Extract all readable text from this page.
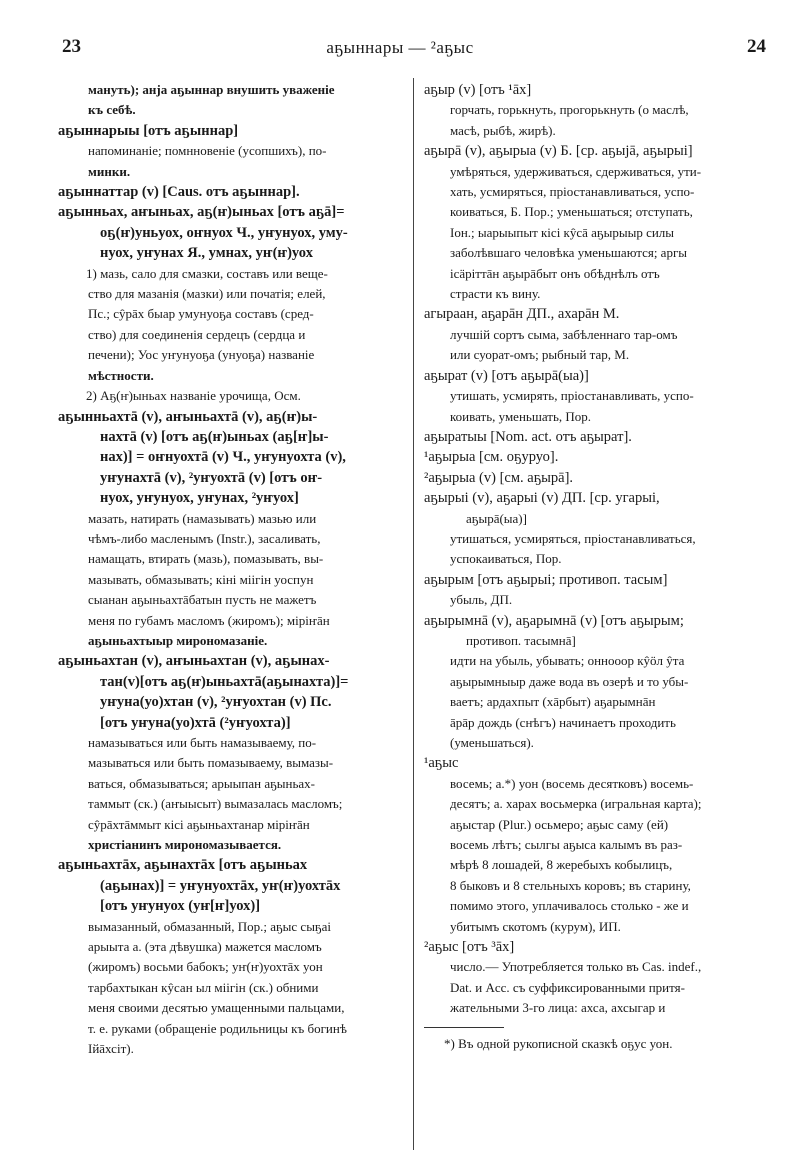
23	аҕыннары — ²аҕыс	24
мануть); анја аҕыннар внушить уваженіе
къ себѣ.
аҕыннарыы [отъ аҕыннар]
напоминаніе; помнновеніе (усопшихъ), по-
минки.
аҕыннаттар (v) [Caus. отъ аҕыннар].
аҕынньах, аҥыньах, аҕ(ҥ)ыньах [отъ аҕā]=
оҕ(ҥ)уньуох, оҥнуох Ч., уҥунуох, уму-
нуох, уҥунах Я., умнах, уҥ(ҥ)уох
1) мазь, сало для смазки, составъ или веще-
ство для мазанія (мазки) или початія; елей,
Пс.; сŷрāх быар умунуоҕа составъ (сред-
ство) для соединенія сердецъ (сердца и
печени); Уос уҥунуоҕа (унуоҕа) названіе
мѣстности.
2) Аҕ(ҥ)ыньах названіе урочища, Осм.
аҕынньахтā (v), аҥыньахтā (v), аҕ(ҥ)ы-
нахтā (v) [отъ аҕ(ҥ)ыньах (аҕ[ҥ]ы-
нах)] = оҥнуохтā (v) Ч., уҥунуохта (v),
уҥунахтā (v), ²уҥуохтā (v) [отъ оҥ-
нуох, уҥунуох, уҥунах, ²уҥуох]
мазать, натирать (намазывать) мазью или
чѣмъ-либо масленымъ (Instr.), засаливать,
намащать, втирать (мазь), помазывать, вы-
мазывать, обмазывать; кіні міігін уоспун
сыанан аҕыньахтāбатын пусть не мажетъ
меня по губамъ масломъ (жиромъ); міріҥāн
аҕыньахтыыр мирономазаніе.
аҕыньахтан (v), аҥыньахтан (v), аҕынах-
тан(v)[отъ аҕ(ҥ)ыньахтā(аҕынахта)]=
уҥуна(уо)хтан (v), ²уҥуохтан (v) Пс.
[отъ уҥуна(уо)хтā (²уҥуохта)]
намазываться или быть намазываему, по-
мазываться или быть помазываему, вымазы-
ваться, обмазываться; арыыпан аҕыньах-
таммыт (ск.) (аҥыысыт) вымазалась масломъ;
сŷрāхтāммыт кісі аҕыньахтанар міріҥāн
христіанинъ мирономазывается.
аҕыньахтāх, аҕынахтāх [отъ аҕыньах
(аҕынах)] = уҥунуохтāх, уҥ(ҥ)уохтāх
[отъ уҥунуох (уҥ[ҥ]уох)]
вымазанный, обмазанный, Пор.; аҕыс сыҕаі
арыыта а. (эта дѣвушка) мажется масломъ
(жиромъ) восьми бабокъ; уҥ(ҥ)уохтāх уон
тарбахтыкан кŷсан ыл міігін (ск.) обними
меня своими десятью умащенными пальцами,
т. е. руками (обращеніе родильницы къ богинѣ
Ійāхсіт).
аҕыр (v) [отъ ¹āх]
горчать, горькнуть, прогорькнуть (о маслѣ,
масѣ, рыбѣ, жирѣ).
аҕырā (v), аҕырыа (v) Б. [ср. аҕыјā, аҕырыі]
умѣряться, удерживаться, сдерживаться, ути-
хать, усмиряться, пріостанавливаться, успо-
коиваться, Б. Пор.; уменьшаться; отступать,
Іон.; ыарыыпыт кісі кŷсā аҕырыыр силы
заболѣвшаго человѣка уменьшаются; аргы
ісäріттāн аҕырāбыт онъ обѣднѣлъ отъ
страсти къ вину.
агыраан, аҕарāн ДП., ахарāн М.
лучшій сортъ сыма, забѣленнаго тар-омъ
или суорат-омъ; рыбный тар, М.
аҕырат (v) [отъ аҕырā(ыа)]
утишать, усмирять, пріостанавливать, успо-
коивать, уменьшать, Пор.
аҕыратыы [Nom. act. отъ аҕырат].
¹аҕырыа [см. оҕуруо].
²аҕырыа (v) [см. аҕырā].
аҕырыі (v), аҕарыі (v) ДП. [ср. угарыі,
аҕырā(ыа)]
утишаться, усмиряться, пріостанавливаться,
успокаиваться, Пор.
аҕырым [отъ аҕырыі; противоп. тасым]
убыль, ДП.
аҕырымнā (v), аҕарымнā (v) [отъ аҕырым;
противоп. тасымнā]
идти на убыль, убывать; оннооор кŷöл ŷта
аҕырымныыр даже вода въ озерѣ и то убы-
ваетъ; ардахпыт (хāрбыт) аҕарымнāн
āрāр дождь (снѣгъ) начинаетъ проходить
(уменьшаться).
¹аҕыс
восемь; а.*) уон (восемь десятковъ) восемь-
десятъ; а. харах восьмерка (игральная карта);
аҕыстар (Plur.) осьмеро; аҕыс саму (ей)
восемь лѣтъ; сылгы аҕыса калымъ въ раз-
мѣрѣ 8 лошадей, 8 жеребыхъ кобылицъ,
8 быковъ и 8 стельныхъ коровъ; въ старину,
помимо этого, уплачивалось столько - же и
убитымъ скотомъ (курум), ИП.
²аҕыс [отъ ³āх]
число.— Употребляется только въ Cas. indef.,
Dat. и Acc. съ суффиксированными притя-
жательными 3-го лица: ахса, ахсыгар и
*) Въ одной рукописной сказкѣ оҕус уон.
